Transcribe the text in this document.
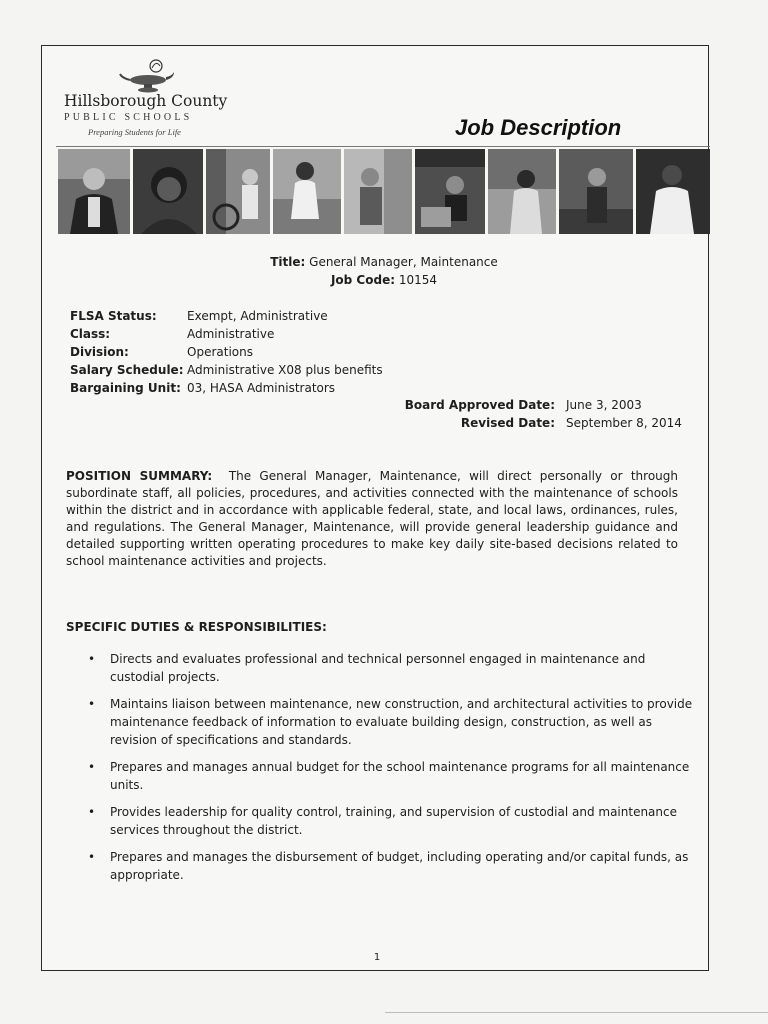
Hillsborough County
PUBLIC SCHOOLS
Preparing Students for Life	Job Description
Title: General Manager, Maintenance
Job Code: 10154
FLSA Status:	Exempt, Administrative
Class:	Administrative
Division:	Operations
Salary Schedule: Administrative X08 plus benefits
Bargaining Unit: 03, HASA Administrators
Board Approved Date: June 3, 2003
Revised Date: September 8, 2014
POSITION SUMMARY: The General Manager, Maintenance, will direct personally or through subordinate staff, all policies, procedures, and activities connected with the maintenance of schools within the district and in accordance with applicable federal, state, and local laws, ordinances, rules, and regulations. The General Manager, Maintenance, will provide general leadership guidance and detailed supporting written operating procedures to make key daily site-based decisions related to school maintenance activities and projects.
SPECIFIC DUTIES & RESPONSIBILITIES:
• Directs and evaluates professional and technical personnel engaged in maintenance and custodial projects.
• Maintains liaison between maintenance, new construction, and architectural activities to provide maintenance feedback of information to evaluate building design, construction, as well as revision of specifications and standards.
• Prepares and manages annual budget for the school maintenance programs for all maintenance units.
• Provides leadership for quality control, training, and supervision of custodial and maintenance services throughout the district.
• Prepares and manages the disbursement of budget, including operating and/or capital funds, as appropriate.
1
